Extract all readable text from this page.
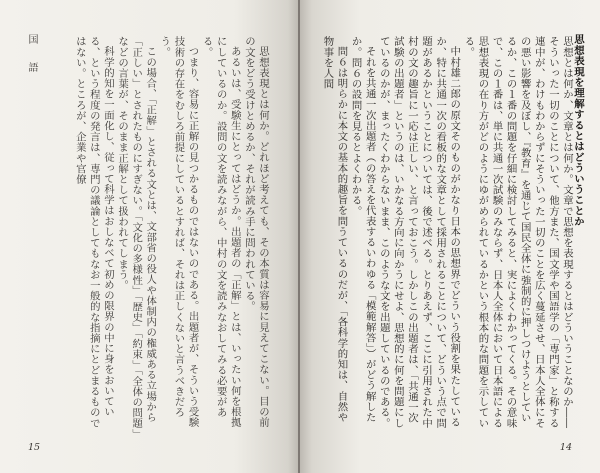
思想表現とは何か。どれほど考えても、その本質は容易に見えてこない。目の前の文をどう受けとめるか、それが読み手に問われている。

あるいは、受験生にとってはどうか。出題者の「正解」とは、いったい何を根拠にしているのか。設問の文を読みながら、中村の文を読みなおしてみる必要がある。

つまり、容易に正解の見つかるものではないのである。出題者が、そういう受験技術の存在をむしろ前提にしているとすれば、それは正しくないと言うべきだろう。

この場合、「正解」とされる文とは、文部省の役人や体制内の権威ある立場から「正しい」とされたものにすぎない。「文化の多様性」「歴史」「約束」「全体の問題」などの言葉が、そのまま正解として扱われてしまう。

科学的知を一面化し、従って科学はおしなべて初めの限界の中に身をおいている、という程度の発言は、専門の議論としてもなお一般的な指摘にとどまるものではない。ところが、企業や官僚

国　語
15
思想表現を理解するとはどういうことか

思想とは何か、文章とは何か。文章で思想を表現するとはどういうことなのか――そういった一切のことについて、他方また、国文学や国語学の「専門家」と称する連中が、わけもわからずにそういった一切のことを広く蔓延させ、日本人全体にその悪い影響を及ぼし、『教育』を通じて国民全体に強制的に押しつけようとしているか、この１番の問題を仔細に検討してみると、実によくわかってくる。その意味で、この１番は、単に共通一次試験のみならず、日本人全体において日本語による思想表現の在り方がどのようにゆがめられているかという根本的な問題を示している。

中村雄二郎の原文そのものがかなり日本の思想界でどういう役割を果たしているか、特に共通一次の看板的な文章として採用されることについて、どういう点で問題があるかということについては、後で述べる。とりあえず、ここに引用された中村の文の趣旨に一応は正しい、と言っておこう。しかしこの出題者は、「共通一次試験の出題者」というのは、いかなる方向に向かうにせよ、思想的に何を問題にしているのかが、まったくわからないまま、このような文を出題しているのである。

それを共通一次出題者（の答えを代表するいわゆる「模範解答」）がどう解したか。問６の設問を見るとよくわかる。

問６は明らかに本文の基本的趣旨を問うているのだが、「各科学的知は、自然や物事を人間

14
